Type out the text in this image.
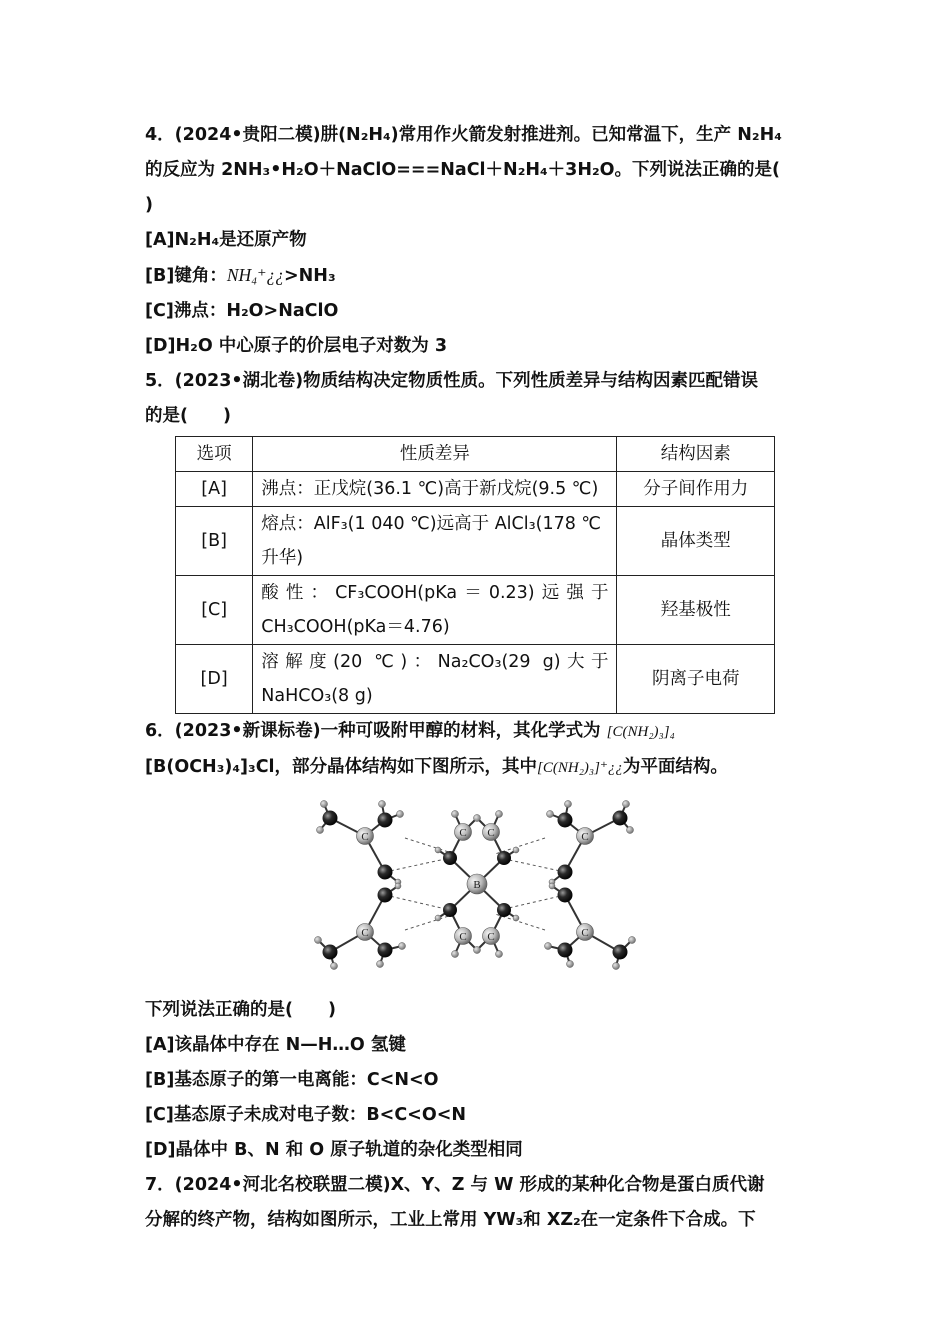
4．(2024•贵阳二模)肼(N₂H₄)常用作火箭发射推进剂。已知常温下，生产 N₂H₄
的反应为 2NH₃•H₂O＋NaClO===NaCl＋N₂H₄＋3H₂O。下列说法正确的是(
)
[A]N₂H₄是还原产物
[B]键角：NH₄⁺¿¿>NH₃
[C]沸点：H₂O>NaClO
[D]H₂O 中心原子的价层电子对数为 3
5．(2023•湖北卷)物质结构决定物质性质。下列性质差异与结构因素匹配错误
的是(　　)
选项	性质差异	结构因素
[A]	沸点：正戊烷(36.1 ℃)高于新戊烷(9.5 ℃)	分子间作用力
[B]	熔点：AlF₃(1 040 ℃)远高于 AlCl₃(178 ℃
升华)	晶体类型
[C]	酸性：CF₃COOH(pKa＝0.23)远强于
CH₃COOH(pKa＝4.76)	羟基极性
[D]	溶解度(20 ℃)：Na₂CO₃(29 g)大于
NaHCO₃(8 g)	阴离子电荷
6．(2023•新课标卷)一种可吸附甲醇的材料，其化学式为 [C(NH₂)₃]₄
[B(OCH₃)₄]₃Cl，部分晶体结构如下图所示，其中[C(NH₂)₃]⁺¿¿为平面结构。
C C
C C
C
C
C
C
B
下列说法正确的是(　　)
[A]该晶体中存在 N—H…O 氢键
[B]基态原子的第一电离能：C<N<O
[C]基态原子未成对电子数：B<C<O<N
[D]晶体中 B、N 和 O 原子轨道的杂化类型相同
7．(2024•河北名校联盟二模)X、Y、Z 与 W 形成的某种化合物是蛋白质代谢
分解的终产物，结构如图所示，工业上常用 YW₃和 XZ₂在一定条件下合成。下
